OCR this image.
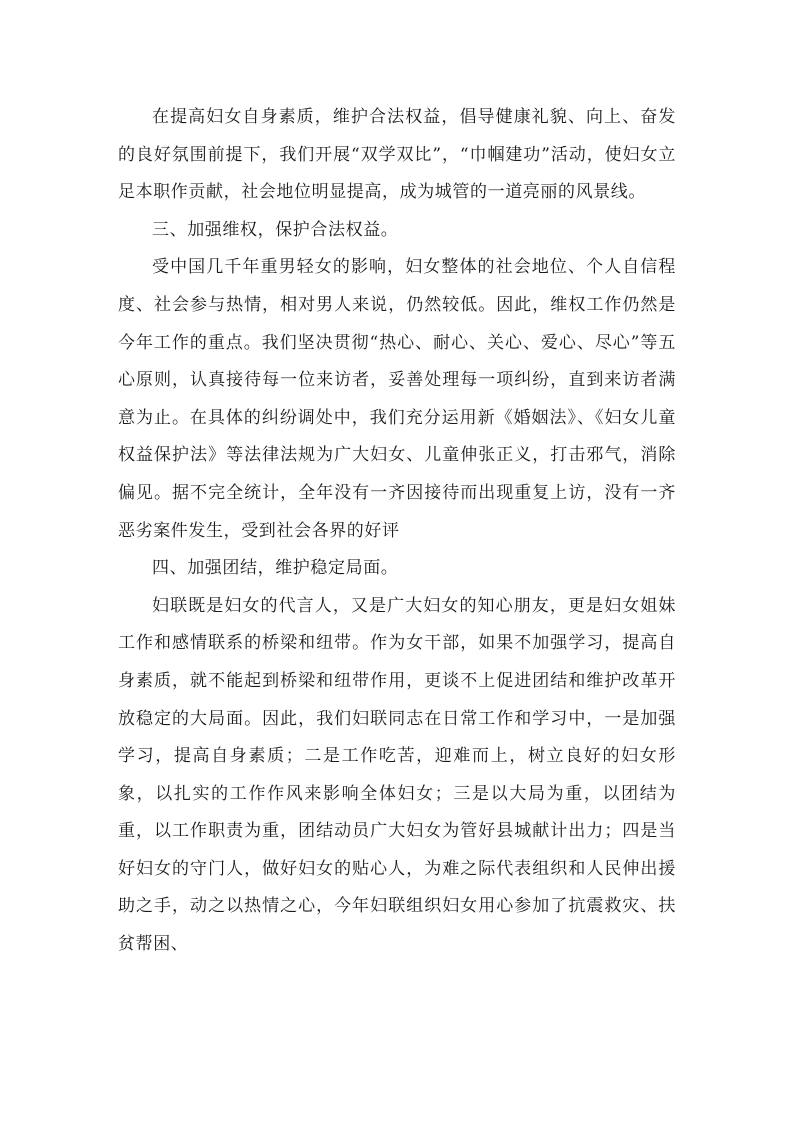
在提高妇女自身素质，维护合法权益，倡导健康礼貌、向上、奋发的良好氛围前提下，我们开展“双学双比”，“巾帼建功”活动，使妇女立足本职作贡献，社会地位明显提高，成为城管的一道亮丽的风景线。

三、加强维权，保护合法权益。

受中国几千年重男轻女的影响，妇女整体的社会地位、个人自信程度、社会参与热情，相对男人来说，仍然较低。因此，维权工作仍然是今年工作的重点。我们坚决贯彻“热心、耐心、关心、爱心、尽心”等五心原则，认真接待每一位来访者，妥善处理每一项纠纷，直到来访者满意为止。在具体的纠纷调处中，我们充分运用新《婚姻法》、《妇女儿童权益保护法》等法律法规为广大妇女、儿童伸张正义，打击邪气，消除偏见。据不完全统计，全年没有一齐因接待而出现重复上访，没有一齐恶劣案件发生，受到社会各界的好评

四、加强团结，维护稳定局面。

妇联既是妇女的代言人，又是广大妇女的知心朋友，更是妇女姐妹工作和感情联系的桥梁和纽带。作为女干部，如果不加强学习，提高自身素质，就不能起到桥梁和纽带作用，更谈不上促进团结和维护改革开放稳定的大局面。因此，我们妇联同志在日常工作和学习中，一是加强学习，提高自身素质；二是工作吃苦，迎难而上，树立良好的妇女形象，以扎实的工作作风来影响全体妇女；三是以大局为重，以团结为重，以工作职责为重，团结动员广大妇女为管好县城献计出力；四是当好妇女的守门人，做好妇女的贴心人，为难之际代表组织和人民伸出援助之手，动之以热情之心，今年妇联组织妇女用心参加了抗震救灾、扶贫帮困、
